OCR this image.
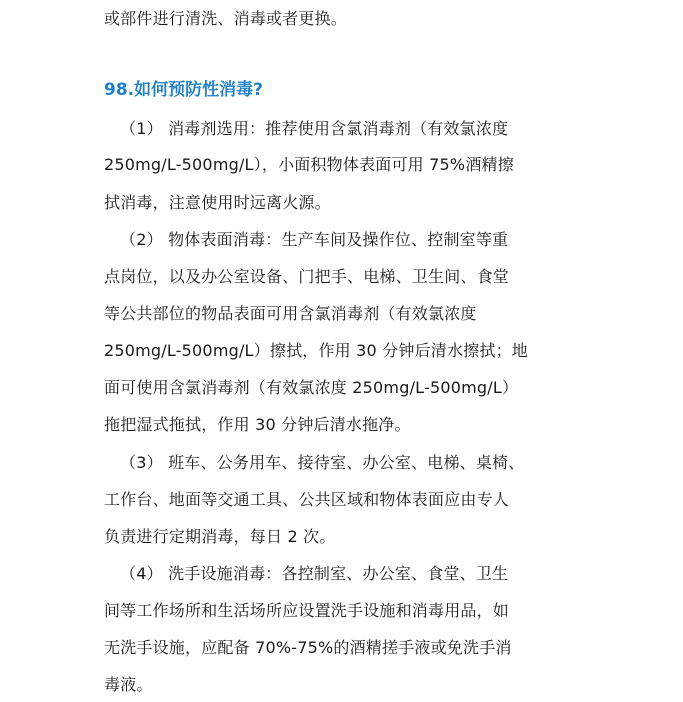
或部件进行清洗、消毒或者更换。
98.如何预防性消毒?
（1） 消毒剂选用：推荐使用含氯消毒剂（有效氯浓度
250mg/L-500mg/L），小面积物体表面可用 75%酒精擦
拭消毒，注意使用时远离火源。
（2） 物体表面消毒：生产车间及操作位、控制室等重
点岗位，以及办公室设备、门把手、电梯、卫生间、食堂
等公共部位的物品表面可用含氯消毒剂（有效氯浓度
250mg/L-500mg/L）擦拭，作用 30 分钟后清水擦拭；地
面可使用含氯消毒剂（有效氯浓度 250mg/L-500mg/L）
拖把湿式拖拭，作用 30 分钟后清水拖净。
（3） 班车、公务用车、接待室、办公室、电梯、桌椅、
工作台、地面等交通工具、公共区域和物体表面应由专人
负责进行定期消毒，每日 2 次。
（4） 洗手设施消毒：各控制室、办公室、食堂、卫生
间等工作场所和生活场所应设置洗手设施和消毒用品，如
无洗手设施，应配备 70%-75%的酒精搓手液或免洗手消
毒液。
